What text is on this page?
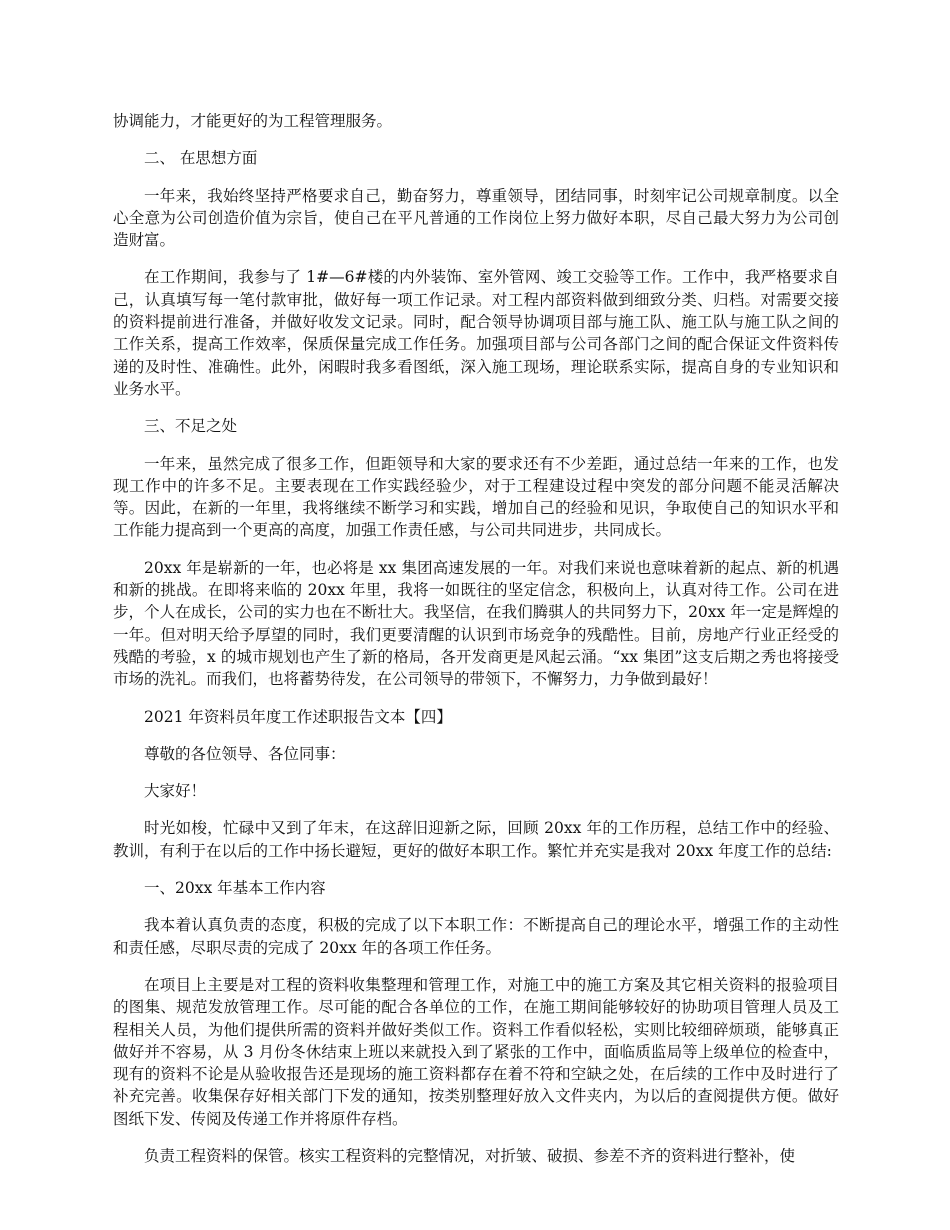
协调能力，才能更好的为工程管理服务。

二、 在思想方面

一年来，我始终坚持严格要求自己，勤奋努力，尊重领导，团结同事，时刻牢记公司规章制度。以全心全意为公司创造价值为宗旨，使自己在平凡普通的工作岗位上努力做好本职，尽自己最大努力为公司创造财富。

在工作期间，我参与了 1#—6#楼的内外装饰、室外管网、竣工交验等工作。工作中，我严格要求自己，认真填写每一笔付款审批，做好每一项工作记录。对工程内部资料做到细致分类、归档。对需要交接的资料提前进行准备，并做好收发文记录。同时，配合领导协调项目部与施工队、施工队与施工队之间的工作关系，提高工作效率，保质保量完成工作任务。加强项目部与公司各部门之间的配合保证文件资料传递的及时性、准确性。此外，闲暇时我多看图纸，深入施工现场，理论联系实际，提高自身的专业知识和业务水平。

三、不足之处

一年来，虽然完成了很多工作，但距领导和大家的要求还有不少差距，通过总结一年来的工作，也发现工作中的许多不足。主要表现在工作实践经验少，对于工程建设过程中突发的部分问题不能灵活解决等。因此，在新的一年里，我将继续不断学习和实践，增加自己的经验和见识，争取使自己的知识水平和工作能力提高到一个更高的高度，加强工作责任感，与公司共同进步，共同成长。

20xx 年是崭新的一年，也必将是 xx 集团高速发展的一年。对我们来说也意味着新的起点、新的机遇和新的挑战。在即将来临的 20xx 年里，我将一如既往的坚定信念，积极向上，认真对待工作。公司在进步，个人在成长，公司的实力也在不断壮大。我坚信，在我们腾骐人的共同努力下，20xx 年一定是辉煌的一年。但对明天给予厚望的同时，我们更要清醒的认识到市场竞争的残酷性。目前，房地产行业正经受的残酷的考验，x 的城市规划也产生了新的格局，各开发商更是风起云涌。“xx 集团”这支后期之秀也将接受市场的洗礼。而我们，也将蓄势待发，在公司领导的带领下，不懈努力，力争做到最好！

2021 年资料员年度工作述职报告文本【四】

尊敬的各位领导、各位同事：

大家好！

时光如梭，忙碌中又到了年末，在这辞旧迎新之际，回顾 20xx 年的工作历程，总结工作中的经验、教训，有利于在以后的工作中扬长避短，更好的做好本职工作。繁忙并充实是我对 20xx 年度工作的总结:

一、20xx 年基本工作内容

我本着认真负责的态度，积极的完成了以下本职工作：不断提高自己的理论水平，增强工作的主动性和责任感，尽职尽责的完成了 20xx 年的各项工作任务。

在项目上主要是对工程的资料收集整理和管理工作，对施工中的施工方案及其它相关资料的报验项目的图集、规范发放管理工作。尽可能的配合各单位的工作，在施工期间能够较好的协助项目管理人员及工程相关人员，为他们提供所需的资料并做好类似工作。资料工作看似轻松，实则比较细碎烦琐，能够真正做好并不容易，从 3 月份冬休结束上班以来就投入到了紧张的工作中，面临质监局等上级单位的检查中，现有的资料不论是从验收报告还是现场的施工资料都存在着不符和空缺之处，在后续的工作中及时进行了补充完善。收集保存好相关部门下发的通知，按类别整理好放入文件夹内，为以后的查阅提供方便。做好图纸下发、传阅及传递工作并将原件存档。

负责工程资料的保管。核实工程资料的完整情况，对折皱、破损、参差不齐的资料进行整补，使
